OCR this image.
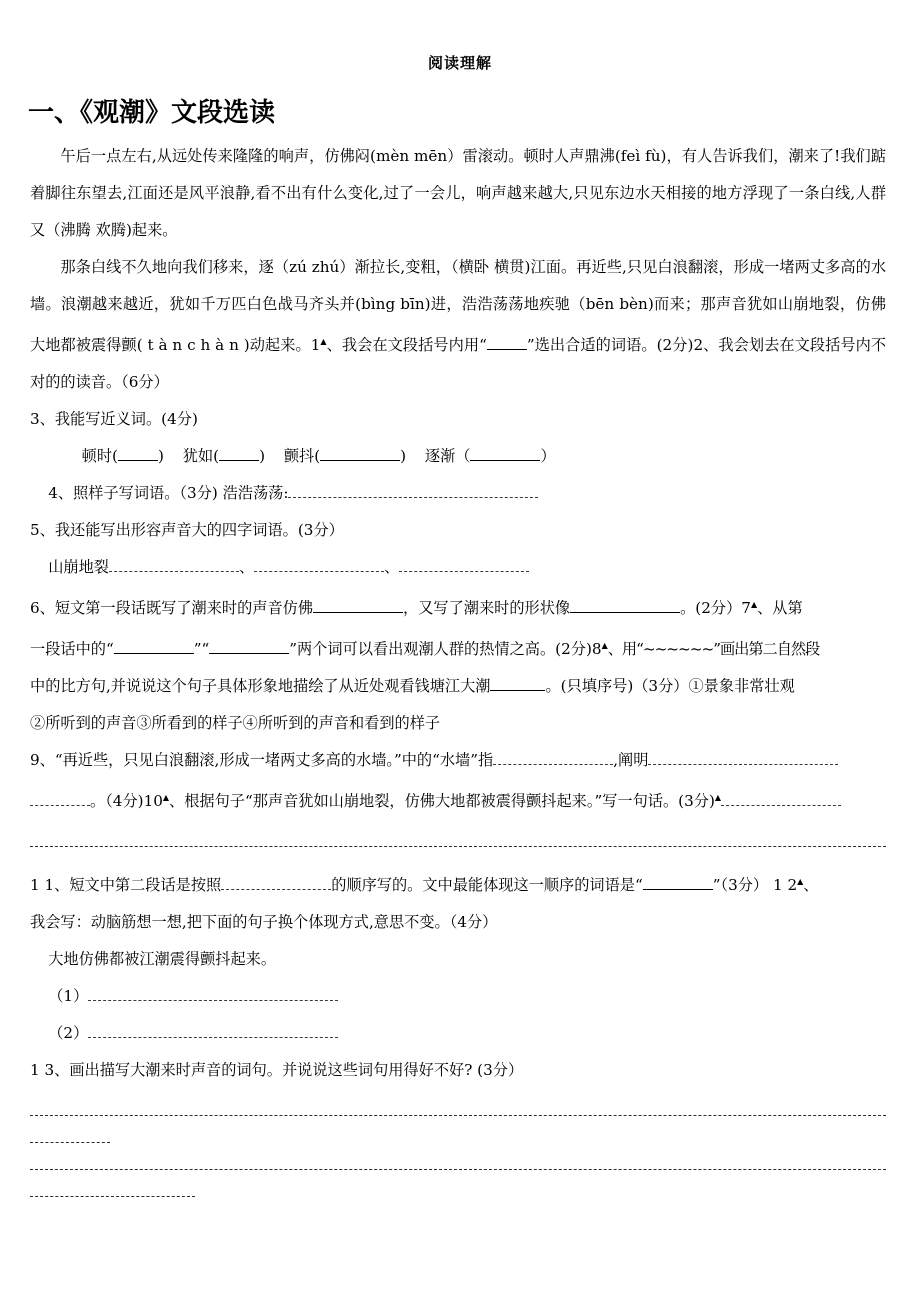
阅读理解
一、《观潮》文段选读

午后一点左右,从远处传来隆隆的响声，仿佛闷(mèn mēn）雷滚动。顿时人声鼎沸(feì fù)，有人告诉我们，潮来了!我们踮着脚往东望去,江面还是风平浪静,看不出有什么变化,过了一会儿，响声越来越大,只见东边水天相接的地方浮现了一条白线,人群又（沸腾 欢腾)起来。

那条白线不久地向我们移来，逐（zú zhú）渐拉长,变粗，（横卧 横贯)江面。再近些,只见白浪翻滚，形成一堵两丈多高的水墙。浪潮越来越近，犹如千万匹白色战马齐头并(bìng bīn)进，浩浩荡荡地疾驰（bēn bèn)而来；那声音犹如山崩地裂，仿佛大地都被震得颤( t à n c h à n )动起来。1▲、我会在文段括号内用“	”选出合适的词语。(2分)2、我会划去在文段括号内不对的的读音。（6分）

3、我能写近义词。(4分)

顿时(	) 犹如(	) 颤抖(	) 逐渐（	）

4、照样子写词语。（3分) 浩浩荡荡:

5、我还能写出形容声音大的四字词语。(3分）

山崩地裂	、	、

6、短文第一段话既写了潮来时的声音仿佛	，又写了潮来时的形状像	。(2分）7▲、从第

一段话中的“	”“	”两个词可以看出观潮人群的热情之高。(2分)8▲、用“~~~~~~”画出第二自然段

中的比方句,并说说这个句子具体形象地描绘了从近处观看钱塘江大潮	。(只填序号)（3分）①景象非常壮观

②所听到的声音③所看到的样子④所听到的声音和看到的样子

9、“再近些，只见白浪翻滚,形成一堵两丈多高的水墙。”中的“水墙”指	,阐明

。（4分)10▲、根据句子“那声音犹如山崩地裂，仿佛大地都被震得颤抖起来。”写一句话。(3分)▲

1 1、短文中第二段话是按照	的顺序写的。文中最能体现这一顺序的词语是“	”（3分） 1 2▲、

我会写：动脑筋想一想,把下面的句子换个体现方式,意思不变。（4分）

大地仿佛都被江潮震得颤抖起来。

（1）

（2）

1 3、画出描写大潮来时声音的词句。并说说这些词句用得好不好? (3分）
